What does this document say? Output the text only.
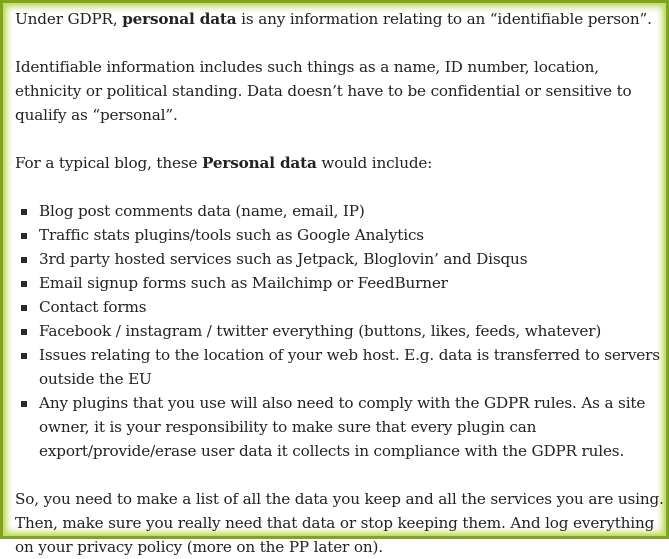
Under GDPR, personal data is any information relating to an “identifiable person”.

Identifiable information includes such things as a name, ID number, location, ethnicity or political standing. Data doesn’t have to be confidential or sensitive to qualify as “personal”.

For a typical blog, these Personal data would include:

Blog post comments data (name, email, IP)
Traffic stats plugins/tools such as Google Analytics
3rd party hosted services such as Jetpack, Bloglovin’ and Disqus
Email signup forms such as Mailchimp or FeedBurner
Contact forms
Facebook / instagram / twitter everything (buttons, likes, feeds, whatever)
Issues relating to the location of your web host. E.g. data is transferred to servers outside the EU
Any plugins that you use will also need to comply with the GDPR rules. As a site owner, it is your responsibility to make sure that every plugin can export/provide/erase user data it collects in compliance with the GDPR rules.

So, you need to make a list of all the data you keep and all the services you are using. Then, make sure you really need that data or stop keeping them. And log everything on your privacy policy (more on the PP later on).
